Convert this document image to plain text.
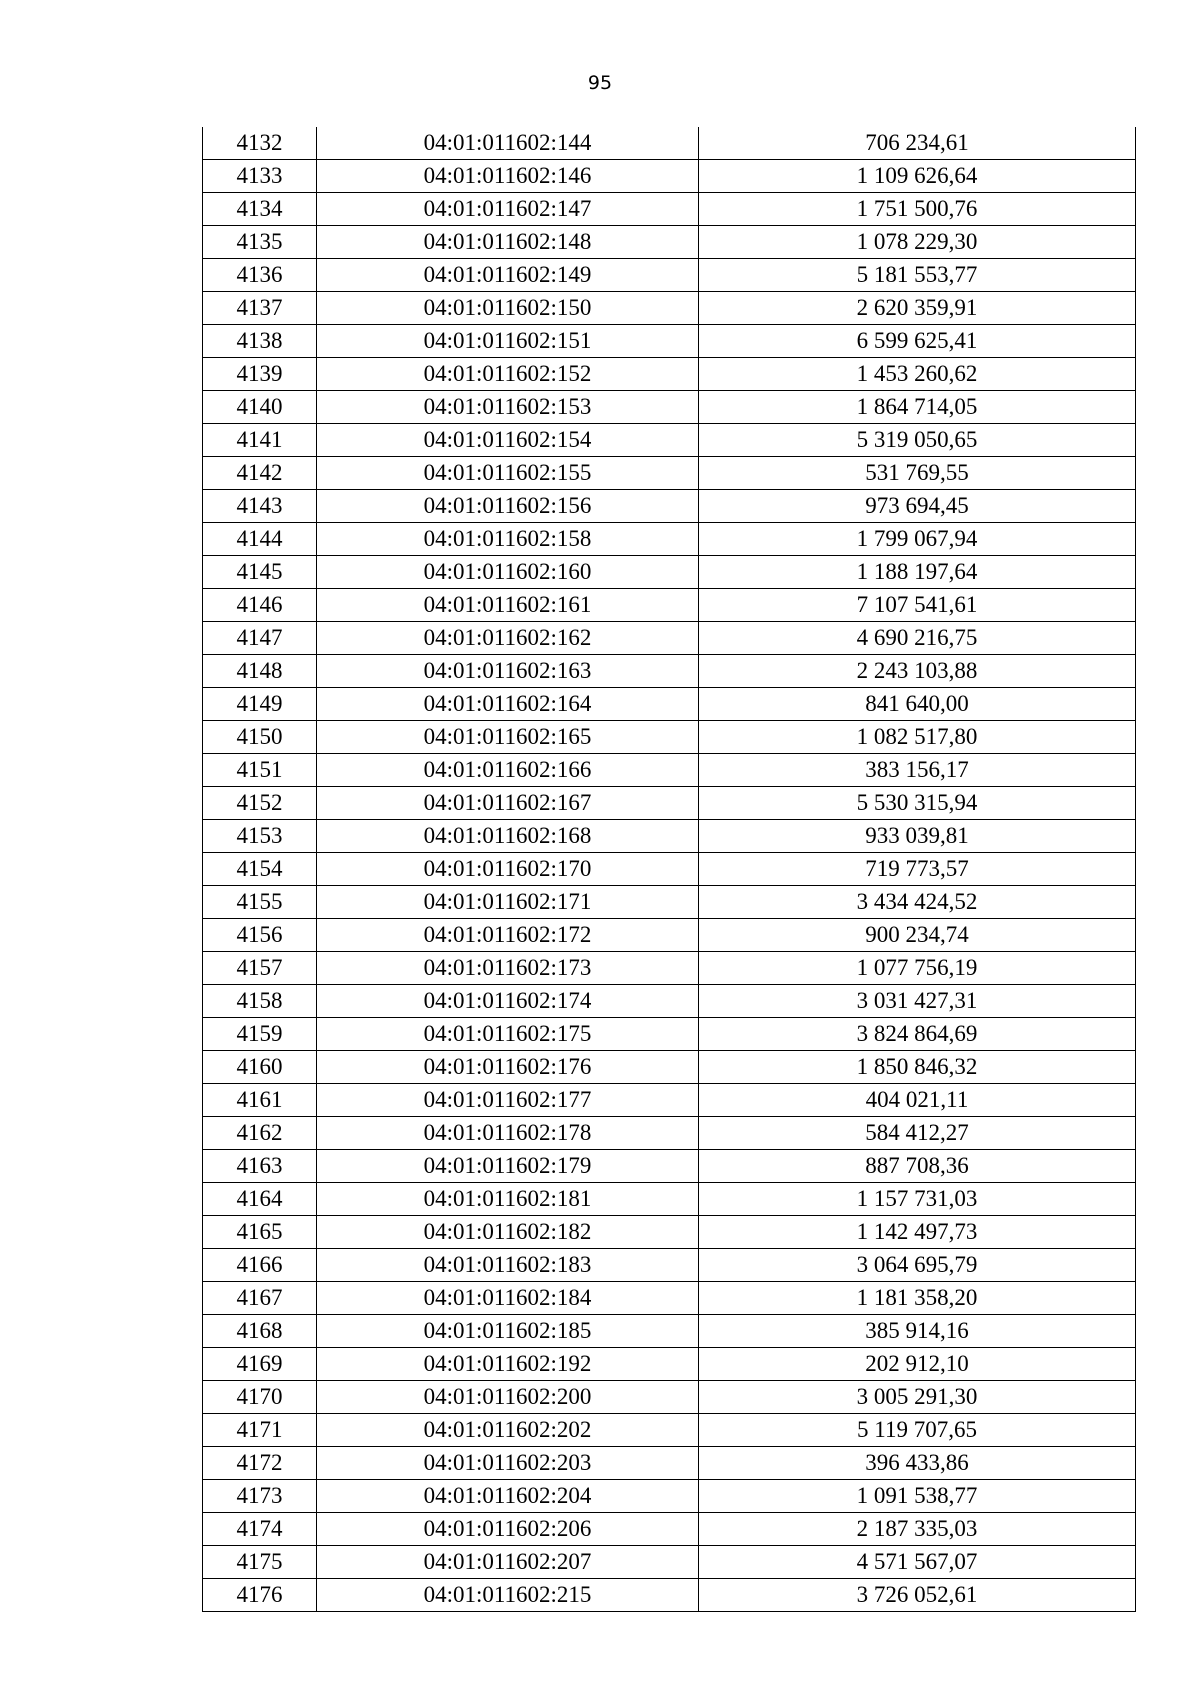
95
4132	04:01:011602:144	706 234,61
4133	04:01:011602:146	1 109 626,64
4134	04:01:011602:147	1 751 500,76
4135	04:01:011602:148	1 078 229,30
4136	04:01:011602:149	5 181 553,77
4137	04:01:011602:150	2 620 359,91
4138	04:01:011602:151	6 599 625,41
4139	04:01:011602:152	1 453 260,62
4140	04:01:011602:153	1 864 714,05
4141	04:01:011602:154	5 319 050,65
4142	04:01:011602:155	531 769,55
4143	04:01:011602:156	973 694,45
4144	04:01:011602:158	1 799 067,94
4145	04:01:011602:160	1 188 197,64
4146	04:01:011602:161	7 107 541,61
4147	04:01:011602:162	4 690 216,75
4148	04:01:011602:163	2 243 103,88
4149	04:01:011602:164	841 640,00
4150	04:01:011602:165	1 082 517,80
4151	04:01:011602:166	383 156,17
4152	04:01:011602:167	5 530 315,94
4153	04:01:011602:168	933 039,81
4154	04:01:011602:170	719 773,57
4155	04:01:011602:171	3 434 424,52
4156	04:01:011602:172	900 234,74
4157	04:01:011602:173	1 077 756,19
4158	04:01:011602:174	3 031 427,31
4159	04:01:011602:175	3 824 864,69
4160	04:01:011602:176	1 850 846,32
4161	04:01:011602:177	404 021,11
4162	04:01:011602:178	584 412,27
4163	04:01:011602:179	887 708,36
4164	04:01:011602:181	1 157 731,03
4165	04:01:011602:182	1 142 497,73
4166	04:01:011602:183	3 064 695,79
4167	04:01:011602:184	1 181 358,20
4168	04:01:011602:185	385 914,16
4169	04:01:011602:192	202 912,10
4170	04:01:011602:200	3 005 291,30
4171	04:01:011602:202	5 119 707,65
4172	04:01:011602:203	396 433,86
4173	04:01:011602:204	1 091 538,77
4174	04:01:011602:206	2 187 335,03
4175	04:01:011602:207	4 571 567,07
4176	04:01:011602:215	3 726 052,61
